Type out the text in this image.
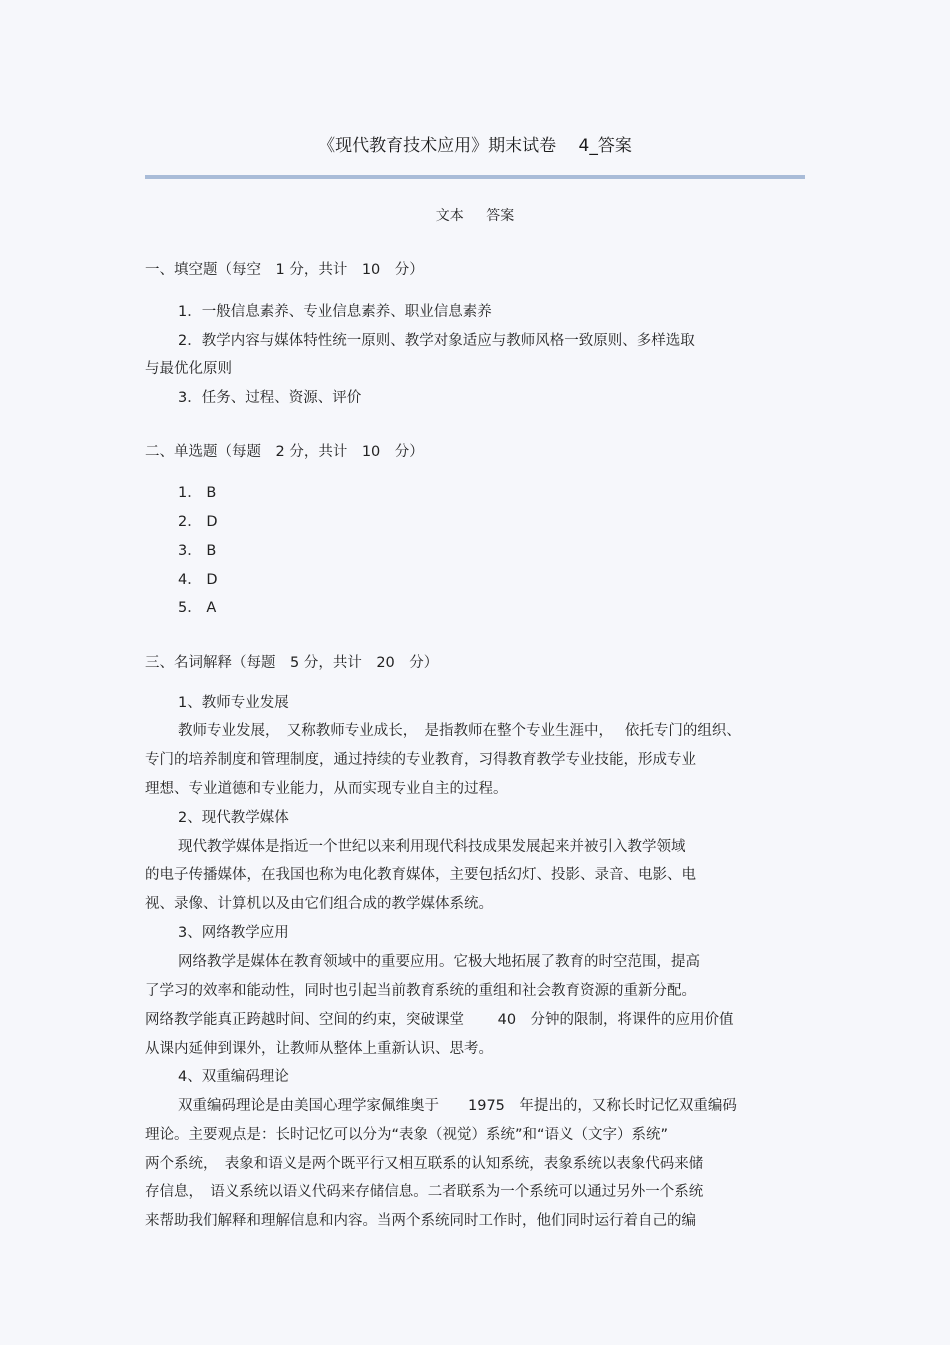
《现代教育技术应用》期末试卷　 4_答案
文本 答案
一、填空题（每空　1 分，共计　10　分）
1．一般信息素养、专业信息素养、职业信息素养
2．教学内容与媒体特性统一原则、教学对象适应与教师风格一致原则、多样选取
与最优化原则
3．任务、过程、资源、评价
二、单选题（每题　2 分，共计　10　分）
1． B
2． D
3． B
4． D
5． A
三、名词解释（每题　5 分，共计　20　分）
1、教师专业发展
教师专业发展，　又称教师专业成长，　是指教师在整个专业生涯中，　 依托专门的组织、
专门的培养制度和管理制度，通过持续的专业教育，习得教育教学专业技能，形成专业
理想、专业道德和专业能力，从而实现专业自主的过程。
2、现代教学媒体
现代教学媒体是指近一个世纪以来利用现代科技成果发展起来并被引入教学领域
的电子传播媒体，在我国也称为电化教育媒体，主要包括幻灯、投影、录音、电影、电
视、录像、计算机以及由它们组合成的教学媒体系统。
3、网络教学应用
网络教学是媒体在教育领域中的重要应用。它极大地拓展了教育的时空范围，提高
了学习的效率和能动性，同时也引起当前教育系统的重组和社会教育资源的重新分配。
网络教学能真正跨越时间、空间的约束，突破课堂　　 40　分钟的限制，将课件的应用价值
从课内延伸到课外，让教师从整体上重新认识、思考。
4、双重编码理论
双重编码理论是由美国心理学家佩维奥于　　1975　年提出的，又称长时记忆双重编码
理论。主要观点是：长时记忆可以分为“表象（视觉）系统”和“语义（文字）系统”
两个系统，　表象和语义是两个既平行又相互联系的认知系统，表象系统以表象代码来储
存信息，　语义系统以语义代码来存储信息。二者联系为一个系统可以通过另外一个系统
来帮助我们解释和理解信息和内容。当两个系统同时工作时，他们同时运行着自己的编
